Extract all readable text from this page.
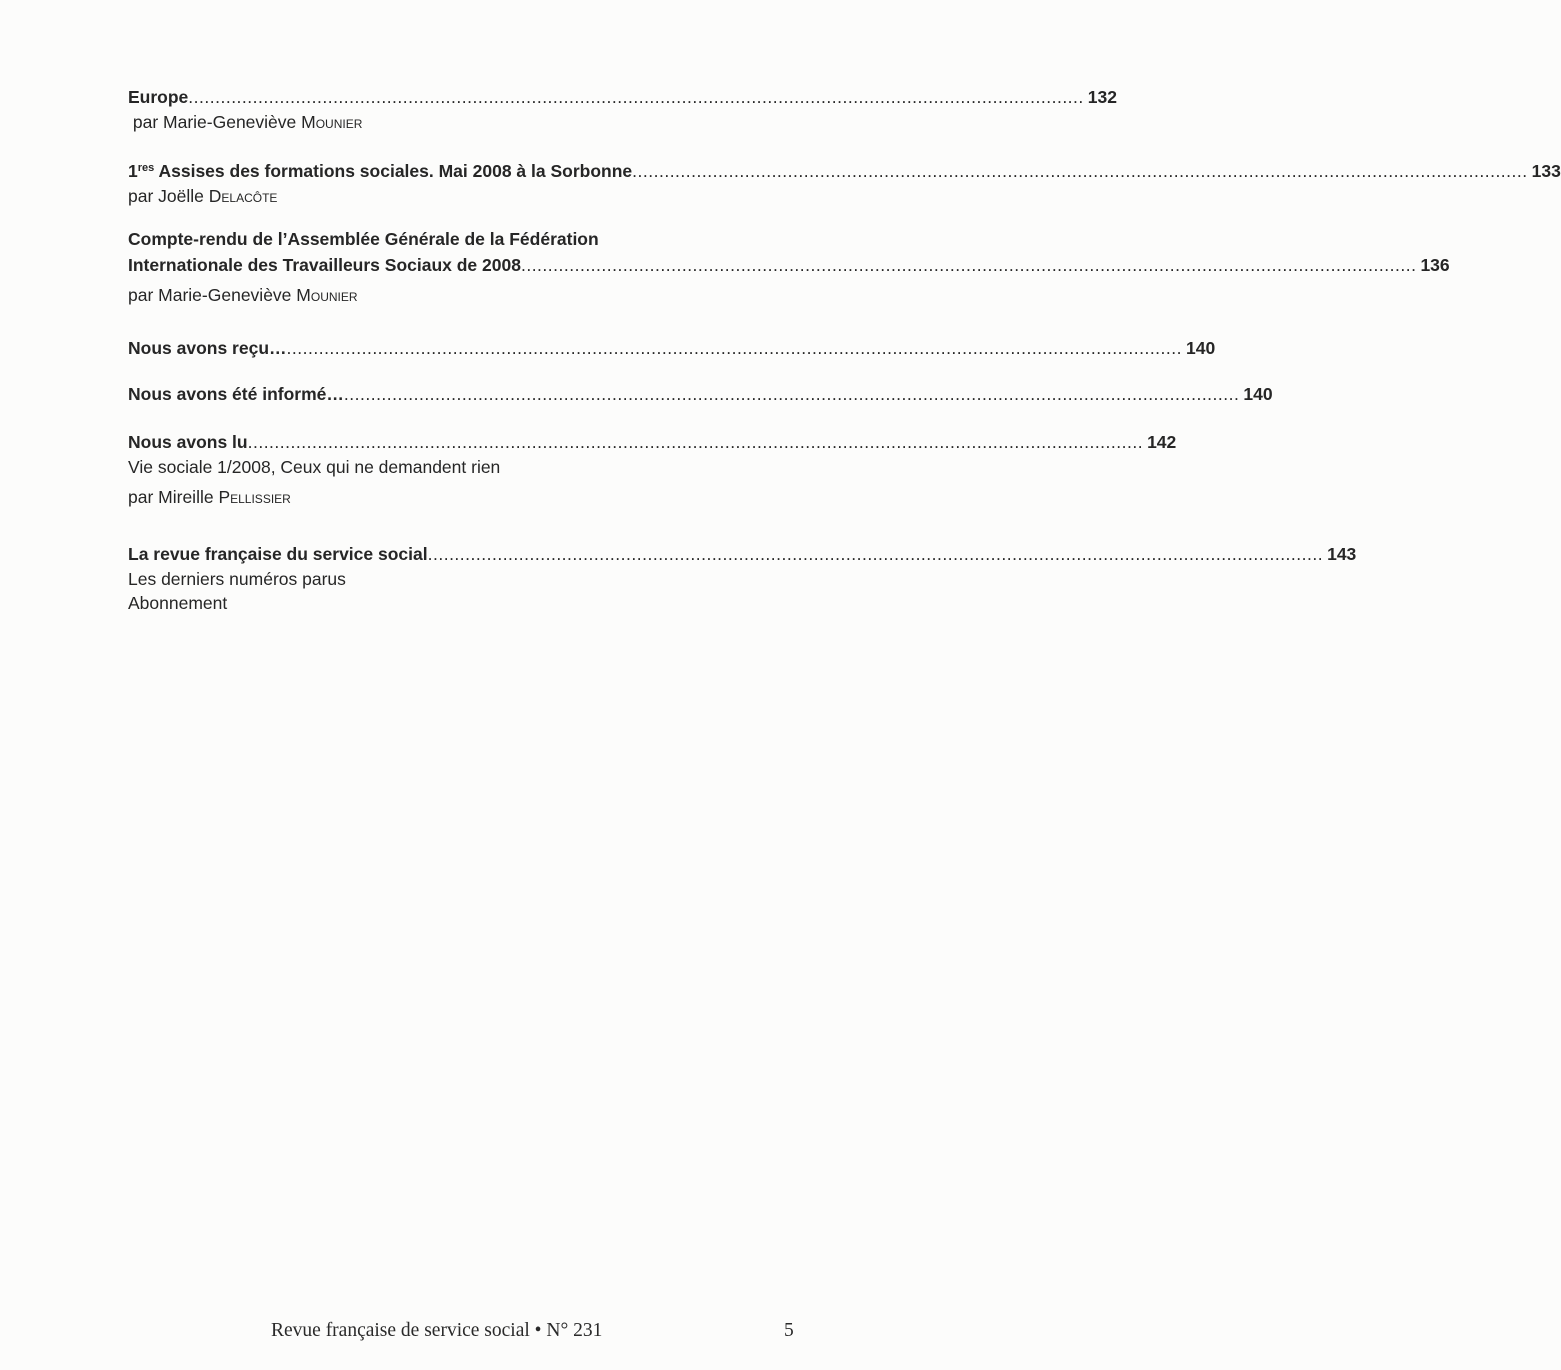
Europe ....................................................................................................................................................................... 132
par Marie-Geneviève Mounier
1res Assises des formations sociales. Mai 2008 à la Sorbonne ....................................................................................................................................................................... 133
par Joëlle Delacôte
Compte-rendu de l’Assemblée Générale de la Fédération
Internationale des Travailleurs Sociaux de 2008 ....................................................................................................................................................................... 136
par Marie-Geneviève Mounier
Nous avons reçu… ....................................................................................................................................................................... 140
Nous avons été informé… ....................................................................................................................................................................... 140
Nous avons lu ....................................................................................................................................................................... 142
Vie sociale 1/2008, Ceux qui ne demandent rien
par Mireille Pellissier
La revue française du service social ....................................................................................................................................................................... 143
Les derniers numéros parus
Abonnement
Revue française de service social • N° 231	5
